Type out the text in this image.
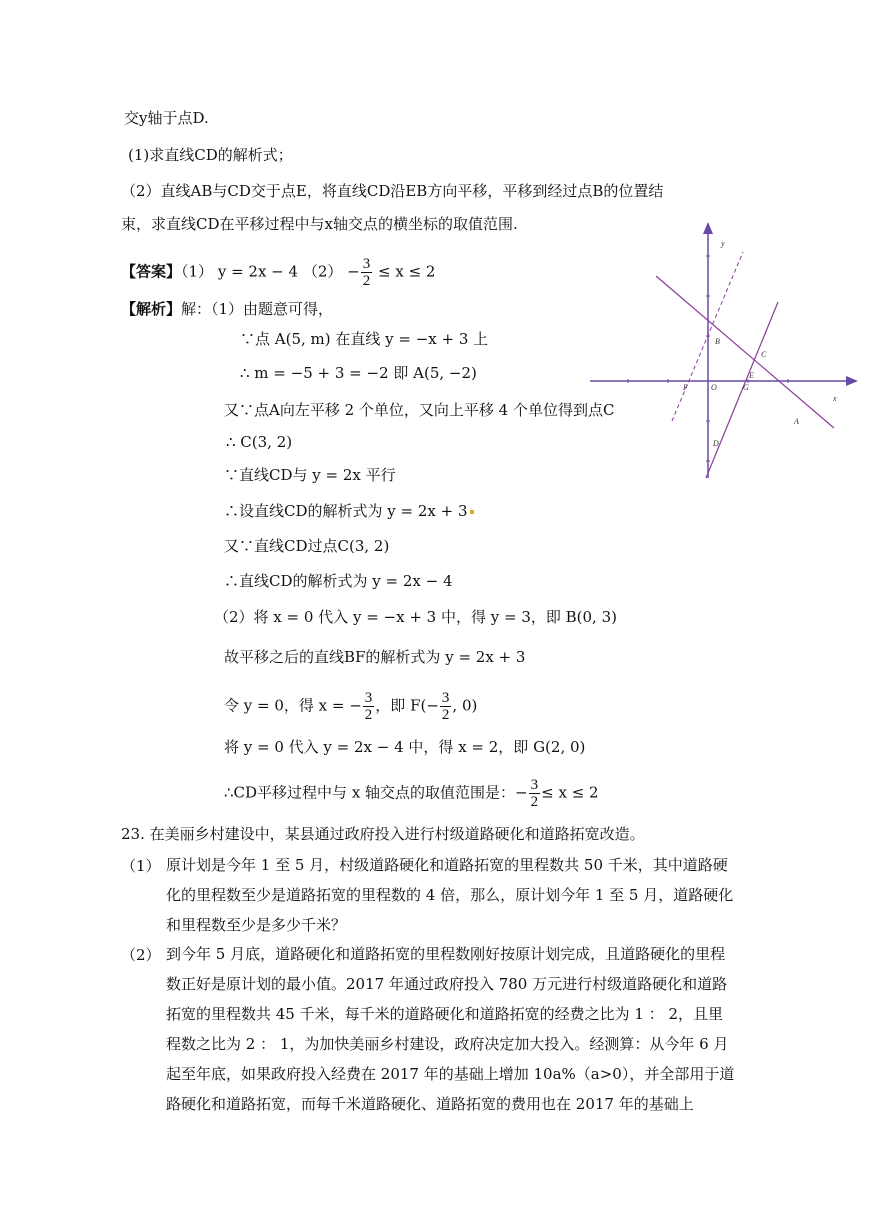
交y轴于点D.
(1)求直线CD的解析式；
（2）直线AB与CD交于点E，将直线CD沿EB方向平移，平移到经过点B的位置结
束，求直线CD在平移过程中与x轴交点的横坐标的取值范围.
【答案】（1） y = 2x − 4 $(2) - \frac{3}{2} \le x \le 2$
【解析】解：（1）由题意可得，
∵点 A(5, m) 在直线 y = −x + 3 上
∴ m = −5 + 3 = −2 即 A(5, −2)
又∵点A向左平移 2 个单位，又向上平移 4 个单位得到点C
∴ C(3, 2)
∵直线CD与 y = 2x 平行
∴设直线CD的解析式为 y = 2x + 3
又∵直线CD过点C(3, 2)
∴直线CD的解析式为 y = 2x − 4
（2）将 x = 0 代入 y = −x + 3 中，得 y = 3，即 B(0, 3)
故平移之后的直线BF的解析式为 y = 2x + 3
令 y = 0，得 x = − $\frac{3}{2}$ ，即 $F(- \frac{3}{2}$ , 0)
将 y = 0 代入 y = 2x − 4 中，得 x = 2，即 G(2, 0)
∴CD平移过程中与 x 轴交点的取值范围是：− $\frac{3}{2} \le x \le 2$
23. 在美丽乡村建设中，某县通过政府投入进行村级道路硬化和道路拓宽改造。
（1） 原计划是今年 1 至 5 月，村级道路硬化和道路拓宽的里程数共 50 千米，其中道路硬化的里程数至少是道路拓宽的里程数的 4 倍，那么，原计划今年 1 至 5 月，道路硬化和里程数至少是多少千米？
（2） 到今年 5 月底，道路硬化和道路拓宽的里程数刚好按原计划完成，且道路硬化的里程数正好是原计划的最小值。2017 年通过政府投入 780 万元进行村级道路硬化和道路拓宽的里程数共 45 千米，每千米的道路硬化和道路拓宽的经费之比为 1 ： 2，且里程数之比为 2 ： 1，为加快美丽乡村建设，政府决定加大投入。经测算：从今年 6 月起至年底，如果政府投入经费在 2017 年的基础上增加 10a%（a>0），并全部用于道路硬化和道路拓宽，而每千米道路硬化、道路拓宽的费用也在 2017 年的基础上
B
C
E
F	O	G
D
A
x
y
